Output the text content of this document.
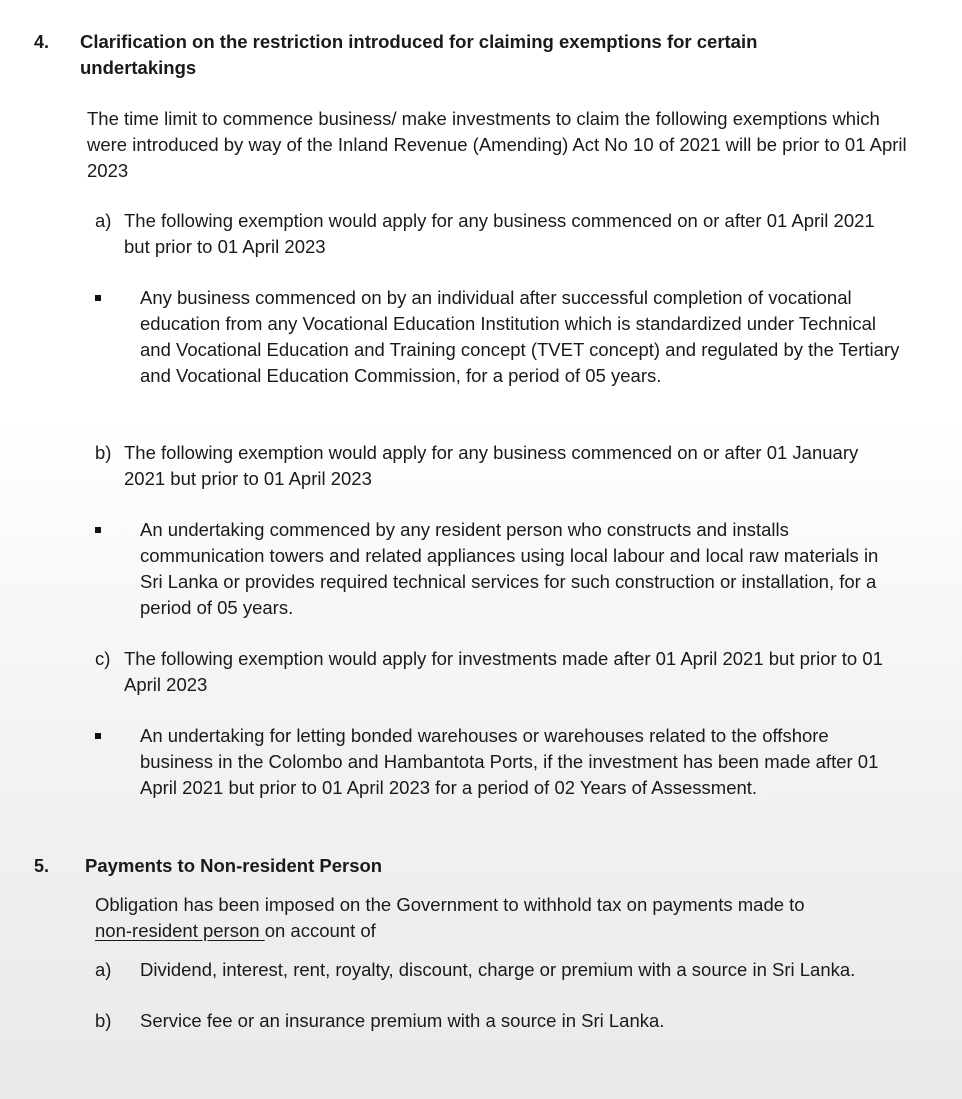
4. Clarification on the restriction introduced for claiming exemptions for certain undertakings
The time limit to commence business/ make investments to claim the following exemptions which were introduced by way of the Inland Revenue (Amending) Act No 10 of 2021 will be prior to 01 April 2023
a) The following exemption would apply for any business commenced on or after 01 April 2021 but prior to 01 April 2023
Any business commenced on by an individual after successful completion of vocational education from any Vocational Education Institution which is standardized under Technical and Vocational Education and Training concept (TVET concept) and regulated by the Tertiary and Vocational Education Commission, for a period of 05 years.
b) The following exemption would apply for any business commenced on or after 01 January 2021 but prior to 01 April 2023
An undertaking commenced by any resident person who constructs and installs communication towers and related appliances using local labour and local raw materials in Sri Lanka or provides required technical services for such construction or installation, for a period of 05 years.
c) The following exemption would apply for investments made after 01 April 2021 but prior to 01 April 2023
An undertaking for letting bonded warehouses or warehouses related to the offshore business in the Colombo and Hambantota Ports, if the investment has been made after 01 April 2021 but prior to 01 April 2023 for a period of 02 Years of Assessment.
5. Payments to Non-resident Person
Obligation has been imposed on the Government to withhold tax on payments made to
non-resident person on account of
a) Dividend, interest, rent, royalty, discount, charge or premium with a source in Sri Lanka.
b) Service fee or an insurance premium with a source in Sri Lanka.
